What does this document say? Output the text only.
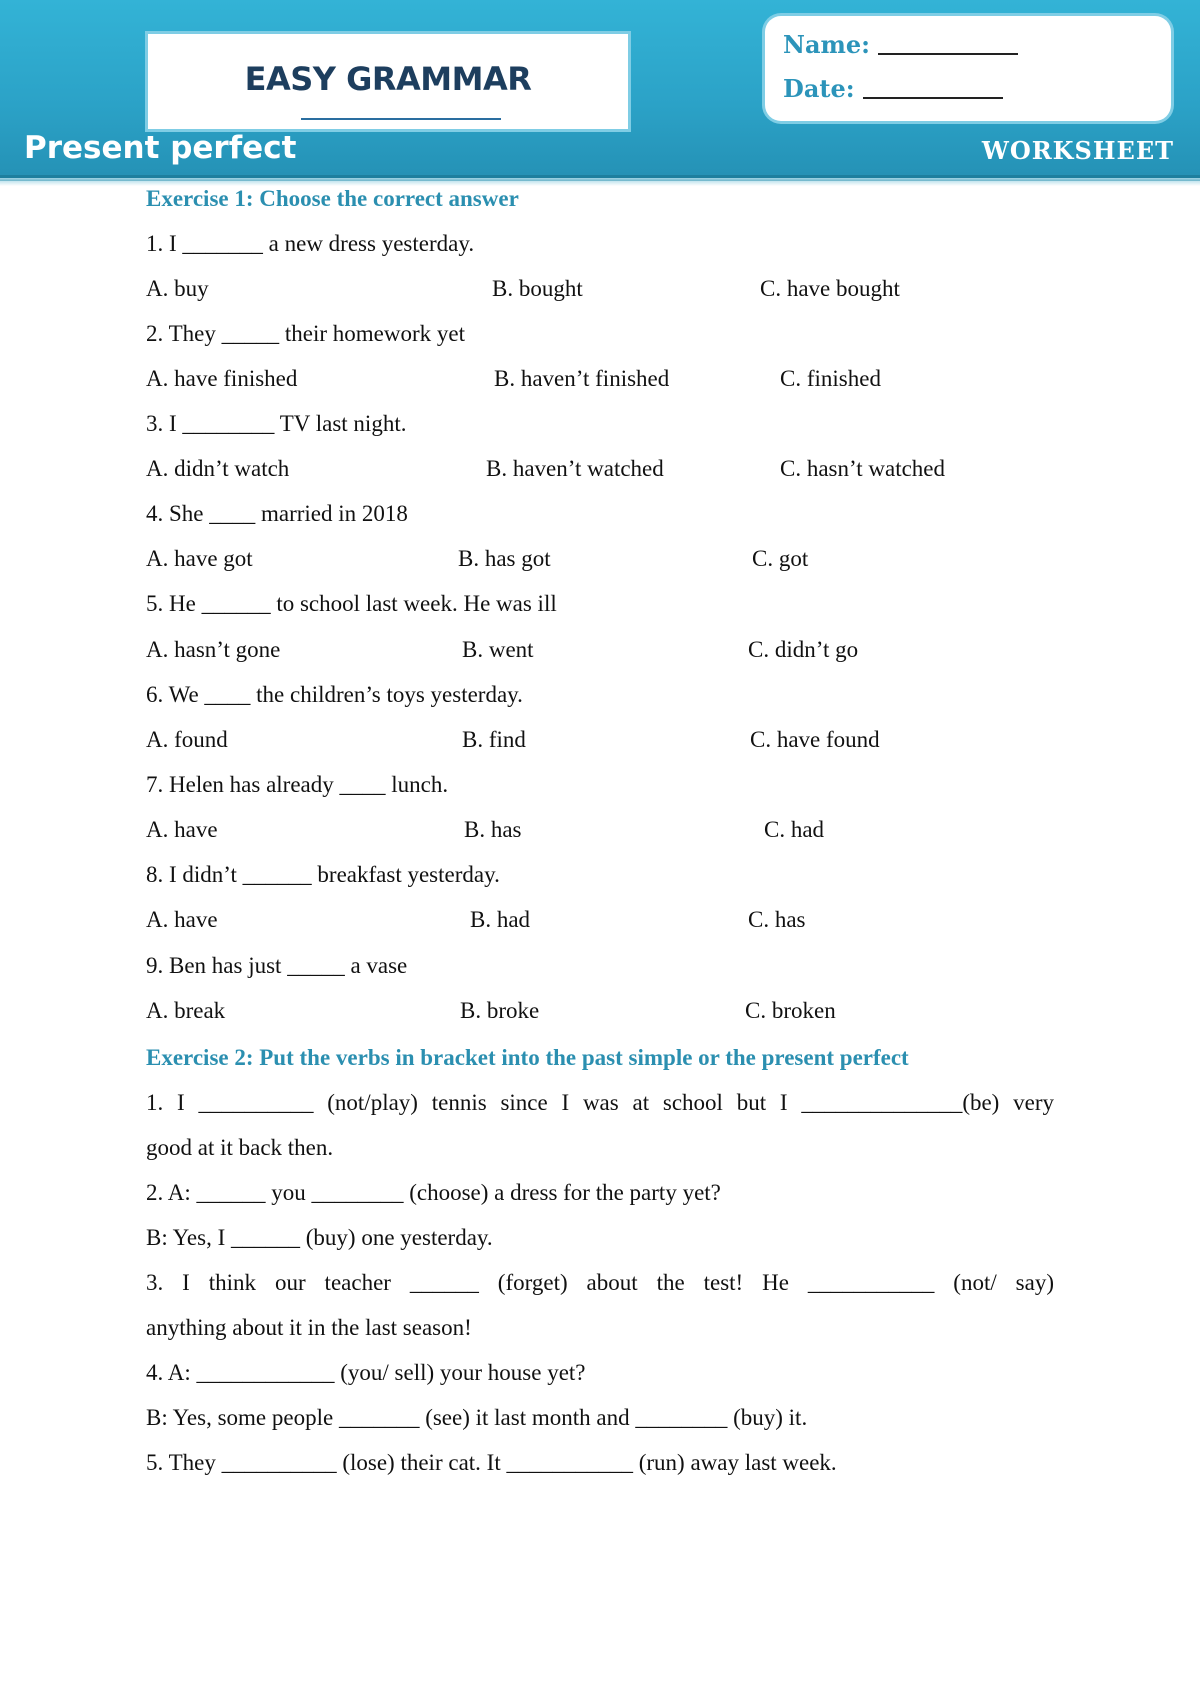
EASY GRAMMAR
Name:
Date:
Present perfect	WORKSHEET
Exercise 1: Choose the correct answer
1. I _______ a new dress yesterday.
A. buy	B. bought	C. have bought
2. They _____ their homework yet
A. have finished	B. haven’t finished	C. finished
3. I ________ TV last night.
A. didn’t watch	B. haven’t watched	C. hasn’t watched
4. She ____ married in 2018
A. have got	B. has got	C. got
5. He ______ to school last week. He was ill
A. hasn’t gone	B. went	C. didn’t go
6. We ____ the children’s toys yesterday.
A. found	B. find	C. have found
7. Helen has already ____ lunch.
A. have	B. has	C. had
8. I didn’t ______ breakfast yesterday.
A. have	B. had	C. has
9. Ben has just _____ a vase
A. break	B. broke	C. broken
Exercise 2: Put the verbs in bracket into the past simple or the present perfect
1. I __________ (not/play) tennis since I was at school but I ______________(be) very
good at it back then.
2. A: ______ you ________ (choose) a dress for the party yet?
B: Yes, I ______ (buy) one yesterday.
3. I think our teacher ______ (forget) about the test! He ___________ (not/ say)
anything about it in the last season!
4. A: ____________ (you/ sell) your house yet?
B: Yes, some people _______ (see) it last month and ________ (buy) it.
5. They __________ (lose) their cat. It ___________ (run) away last week.
